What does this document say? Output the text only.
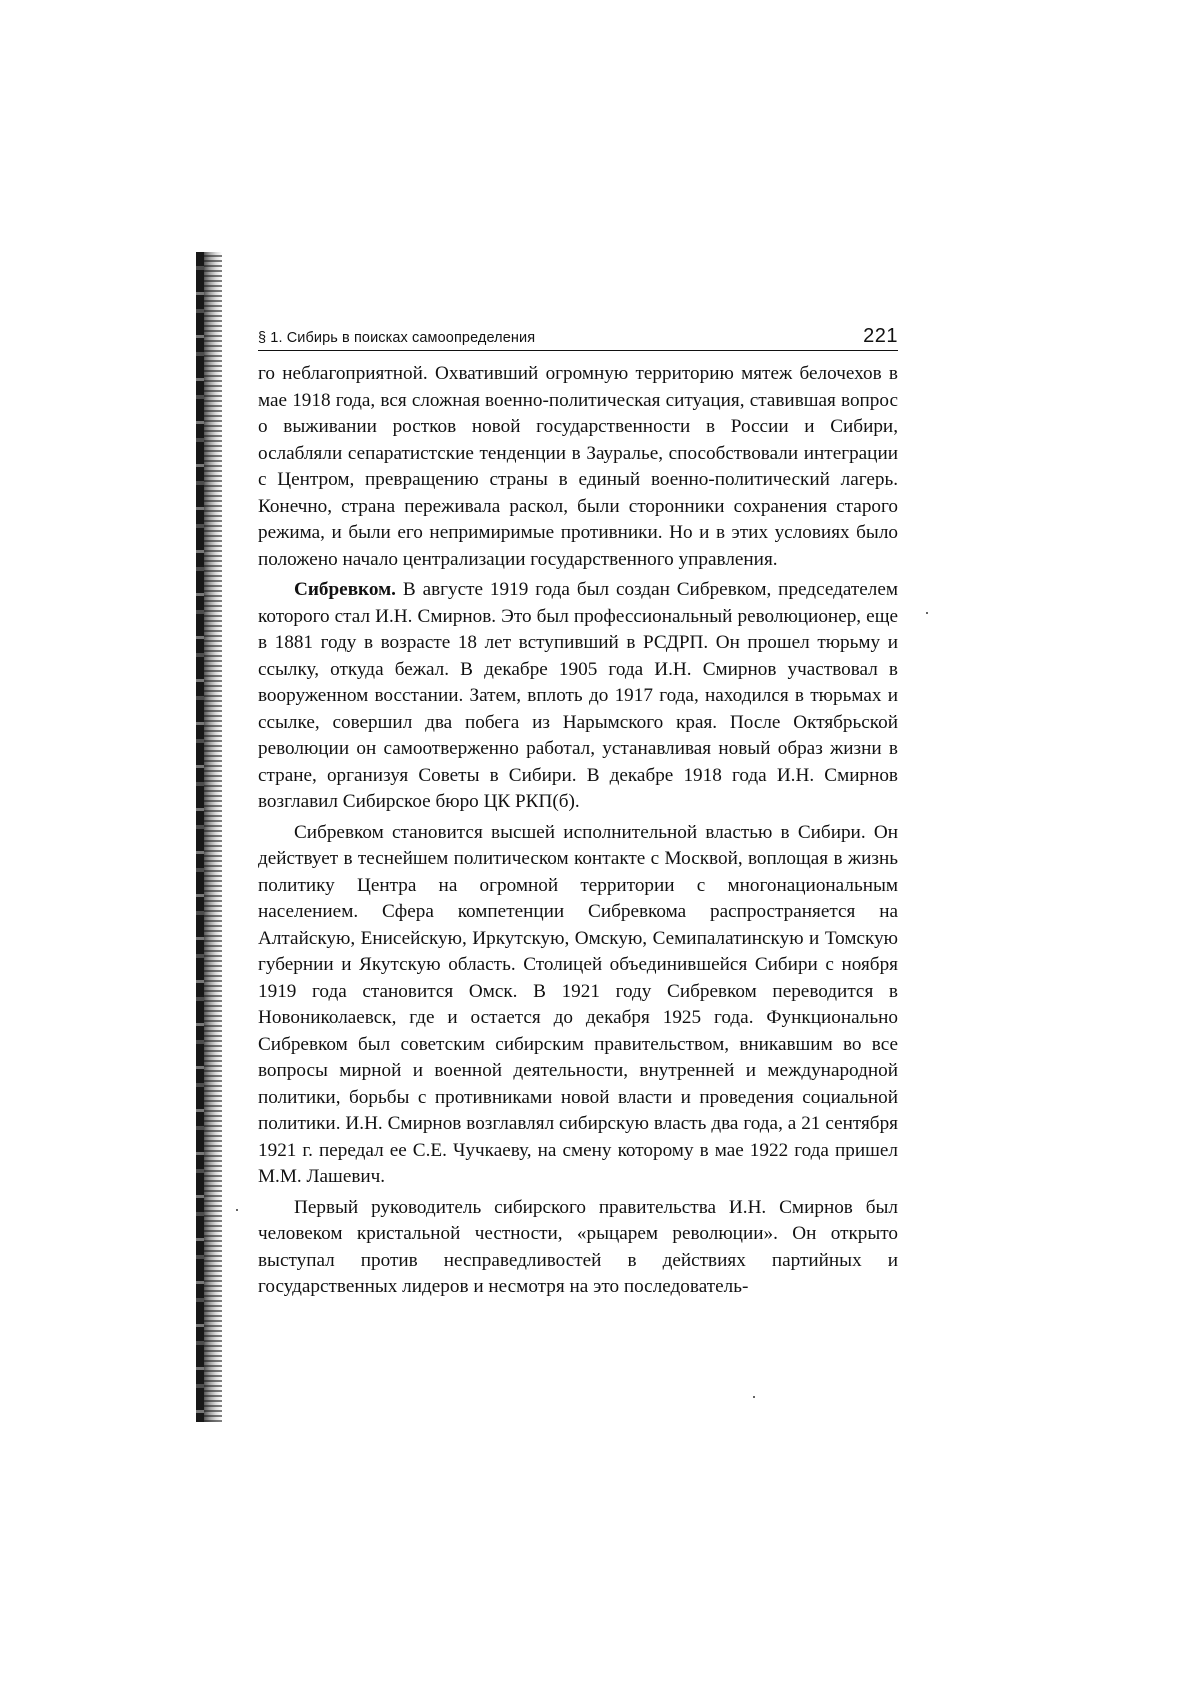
§ 1. Сибирь в поисках самоопределения	221

го неблагоприятной. Охвативший огромную территорию мятеж белочехов в мае 1918 года, вся сложная военно-политическая ситуация, ставившая вопрос о выживании ростков новой государственности в России и Сибири, ослабляли сепаратистские тенденции в Зауралье, способствовали интеграции с Центром, превращению страны в единый военно-политический лагерь. Конечно, страна переживала раскол, были сторонники сохранения старого режима, и были его непримиримые противники. Но и в этих условиях было положено начало централизации государственного управления.

Сибревком. В августе 1919 года был создан Сибревком, председателем которого стал И.Н. Смирнов. Это был профессиональный революционер, еще в 1881 году в возрасте 18 лет вступивший в РСДРП. Он прошел тюрьму и ссылку, откуда бежал. В декабре 1905 года И.Н. Смирнов участвовал в вооруженном восстании. Затем, вплоть до 1917 года, находился в тюрьмах и ссылке, совершил два побега из Нарымского края. После Октябрьской революции он самоотверженно работал, устанавливая новый образ жизни в стране, организуя Советы в Сибири. В декабре 1918 года И.Н. Смирнов возглавил Сибирское бюро ЦК РКП(б).

Сибревком становится высшей исполнительной властью в Сибири. Он действует в теснейшем политическом контакте с Москвой, воплощая в жизнь политику Центра на огромной территории с многонациональным населением. Сфера компетенции Сибревкома распространяется на Алтайскую, Енисейскую, Иркутскую, Омскую, Семипалатинскую и Томскую губернии и Якутскую область. Столицей объединившейся Сибири с ноября 1919 года становится Омск. В 1921 году Сибревком переводится в Новониколаевск, где и остается до декабря 1925 года. Функционально Сибревком был советским сибирским правительством, вникавшим во все вопросы мирной и военной деятельности, внутренней и международной политики, борьбы с противниками новой власти и проведения социальной политики. И.Н. Смирнов возглавлял сибирскую власть два года, а 21 сентября 1921 г. передал ее С.Е. Чучкаеву, на смену которому в мае 1922 года пришел М.М. Лашевич.

Первый руководитель сибирского правительства И.Н. Смирнов был человеком кристальной честности, «рыцарем революции». Он открыто выступал против несправедливостей в действиях партийных и государственных лидеров и несмотря на это последователь-
